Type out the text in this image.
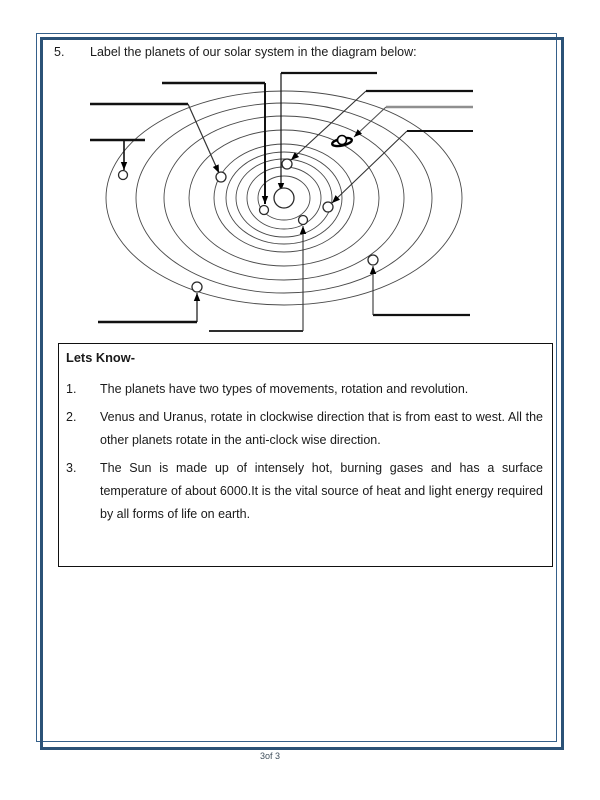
5.	Label the planets of our solar system in the diagram below:
Lets Know-
1.	The planets have two types of movements, rotation and revolution.
2.	Venus and Uranus, rotate in clockwise direction that is from east to west. All the
other planets rotate in the anti-clock wise direction.
3.	The Sun is made up of intensely hot, burning gases and has a surface
temperature of about 6000.It is the vital source of heat and light energy required
by all forms of life on earth.
3of 3
